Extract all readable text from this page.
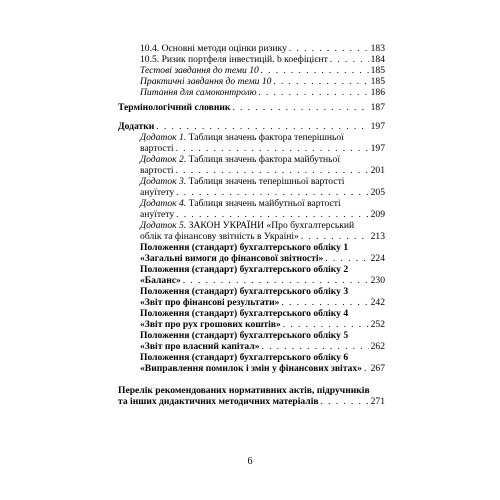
10.4. Основні методи оцінки ризику . . .	183
10.5. Ризик портфеля інвестицій. b коефіцієнт . . .	184
Тестові завдання до теми 10 . . .	185
Практичні завдання до теми 10 . . .	185
Питання для самоконтролю . . .	186
Термінологічний словник . . .	187
Додатки . . .	197
Додаток 1. Таблиця значень фактора теперішньої
вартості . . .	197
Додаток 2. Таблиця значень фактора майбутньої
вартості . . .	201
Додаток 3. Таблиця значень теперішньої вартості
ануїтету . . .	205
Додаток 4. Таблиця значень майбутньої вартості
ануїтету . . .	209
Додаток 5. ЗАКОН УКРАЇНИ «Про бухгалтерський
облік та фінансову звітність в Україні» . . .	213
Положення (стандарт) бухгалтерського обліку 1
«Загальні вимоги до фінансової звітності» . . .	224
Положення (стандарт) бухгалтерського обліку 2
«Баланс» . . .	230
Положення (стандарт) бухгалтерського обліку 3
«Звіт про фінансові результати» . . .	242
Положення (стандарт) бухгалтерського обліку 4
«Звіт про рух грошових коштів» . . .	252
Положення (стандарт) бухгалтерського обліку 5
«Звіт про власний капітал» . . .	262
Положення (стандарт) бухгалтерського обліку 6
«Виправлення помилок і змін у фінансових звітах» . . . 267
Перелік рекомендованих нормативних актів, підручників
та інших дидактичних методичних матеріалів . . .	271
6
